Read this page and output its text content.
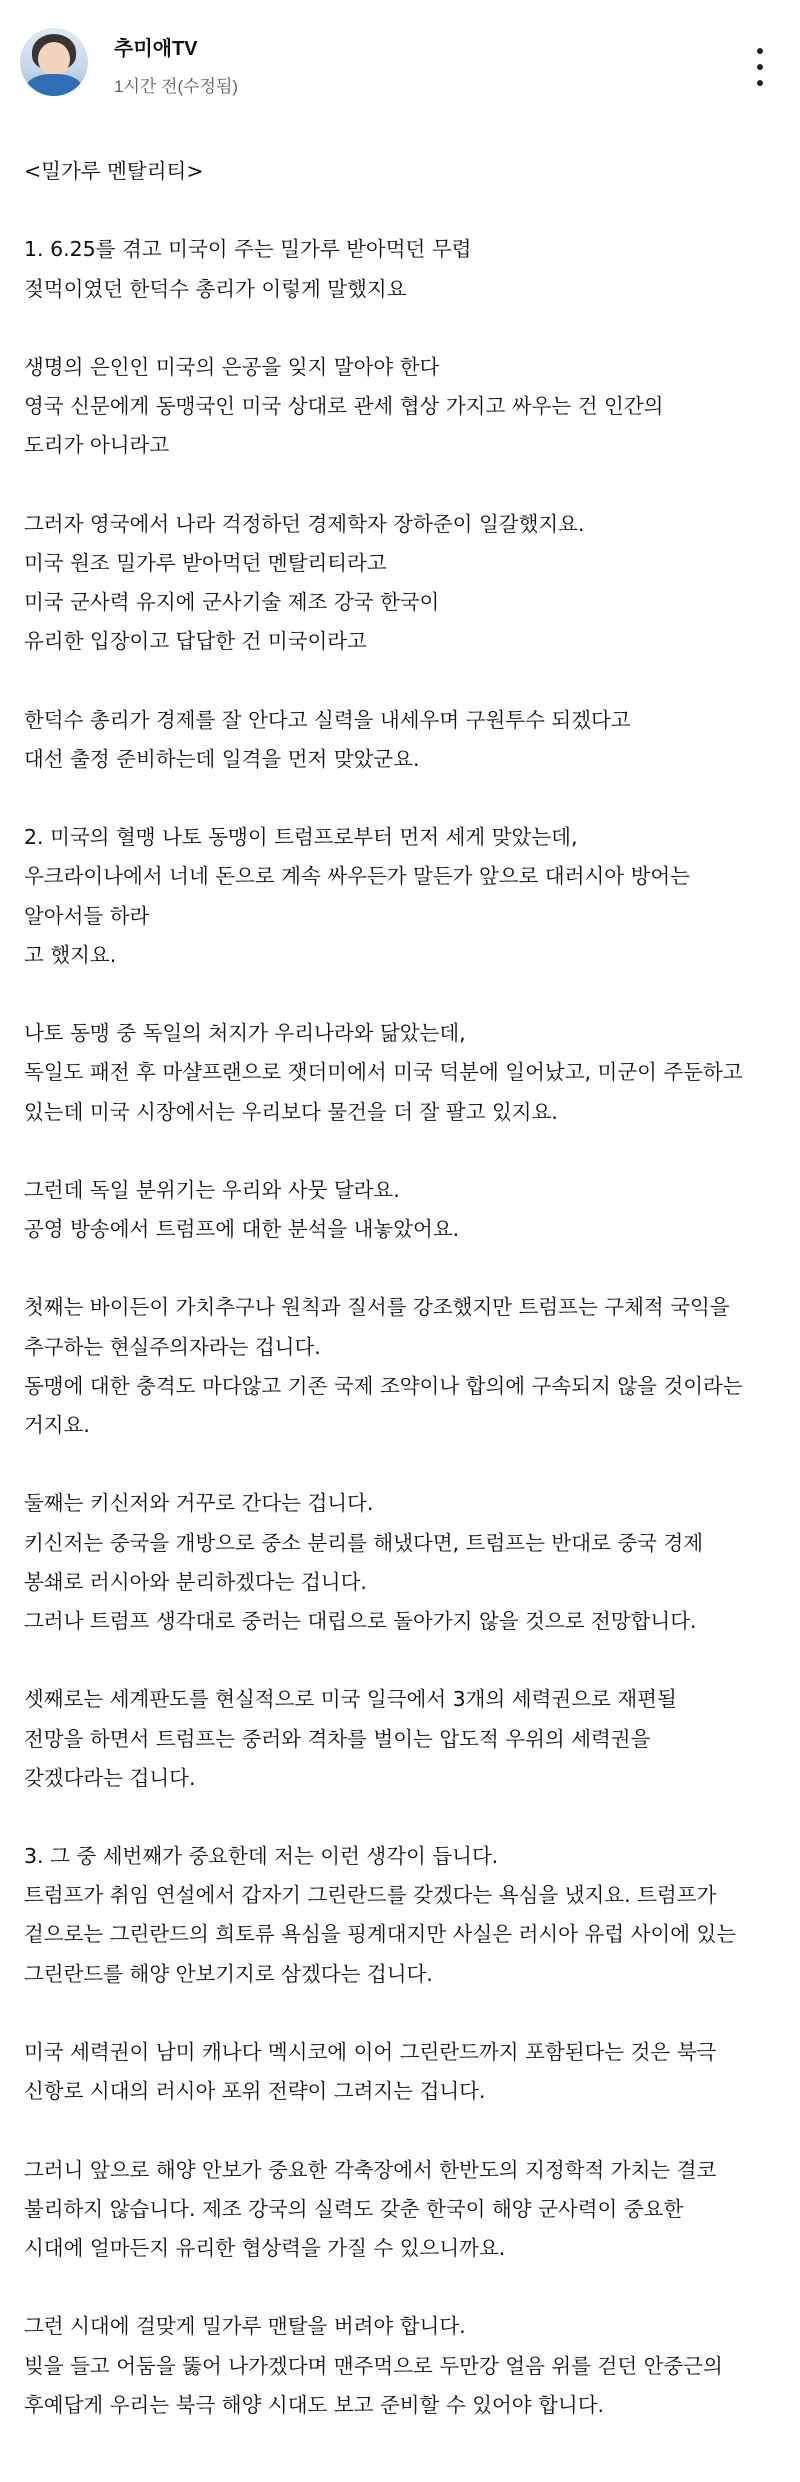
추미애TV
1시간 전(수정됨)
<밀가루 멘탈리티>
1. 6.25를 겪고 미국이 주는 밀가루 받아먹던 무렵
젖먹이였던 한덕수 총리가 이렇게 말했지요
생명의 은인인 미국의 은공을 잊지 말아야 한다
영국 신문에게 동맹국인 미국 상대로 관세 협상 가지고 싸우는 건 인간의
도리가 아니라고
그러자 영국에서 나라 걱정하던 경제학자 장하준이 일갈했지요.
미국 원조 밀가루 받아먹던 멘탈리티라고
미국 군사력 유지에 군사기술 제조 강국 한국이
유리한 입장이고 답답한 건 미국이라고
한덕수 총리가 경제를 잘 안다고 실력을 내세우며 구원투수 되겠다고
대선 출정 준비하는데 일격을 먼저 맞았군요.
2. 미국의 혈맹 나토 동맹이 트럼프로부터 먼저 세게 맞았는데,
우크라이나에서 너네 돈으로 계속 싸우든가 말든가 앞으로 대러시아 방어는
알아서들 하라
고 했지요.
나토 동맹 중 독일의 처지가 우리나라와 닮았는데,
독일도 패전 후 마샬프랜으로 잿더미에서 미국 덕분에 일어났고, 미군이 주둔하고
있는데 미국 시장에서는 우리보다 물건을 더 잘 팔고 있지요.
그런데 독일 분위기는 우리와 사뭇 달라요.
공영 방송에서 트럼프에 대한 분석을 내놓았어요.
첫째는 바이든이 가치추구나 원칙과 질서를 강조했지만 트럼프는 구체적 국익을
추구하는 현실주의자라는 겁니다.
동맹에 대한 충격도 마다않고 기존 국제 조약이나 합의에 구속되지 않을 것이라는
거지요.
둘째는 키신저와 거꾸로 간다는 겁니다.
키신저는 중국을 개방으로 중소 분리를 해냈다면, 트럼프는 반대로 중국 경제
봉쇄로 러시아와 분리하겠다는 겁니다.
그러나 트럼프 생각대로 중러는 대립으로 돌아가지 않을 것으로 전망합니다.
셋째로는 세계판도를 현실적으로 미국 일극에서 3개의 세력권으로 재편될
전망을 하면서 트럼프는 중러와 격차를 벌이는 압도적 우위의 세력권을
갖겠다라는 겁니다.
3. 그 중 세번째가 중요한데 저는 이런 생각이 듭니다.
트럼프가 취임 연설에서 갑자기 그린란드를 갖겠다는 욕심을 냈지요. 트럼프가
겉으로는 그린란드의 희토류 욕심을 핑계대지만 사실은 러시아 유럽 사이에 있는
그린란드를 해양 안보기지로 삼겠다는 겁니다.
미국 세력권이 남미 캐나다 멕시코에 이어 그린란드까지 포함된다는 것은 북극
신항로 시대의 러시아 포위 전략이 그려지는 겁니다.
그러니 앞으로 해양 안보가 중요한 각축장에서 한반도의 지정학적 가치는 결코
불리하지 않습니다. 제조 강국의 실력도 갖춘 한국이 해양 군사력이 중요한
시대에 얼마든지 유리한 협상력을 가질 수 있으니까요.
그런 시대에 걸맞게 밀가루 맨탈을 버려야 합니다.
빚을 들고 어둠을 뚫어 나가겠다며 맨주먹으로 두만강 얼음 위를 걷던 안중근의
후예답게 우리는 북극 해양 시대도 보고 준비할 수 있어야 합니다.
